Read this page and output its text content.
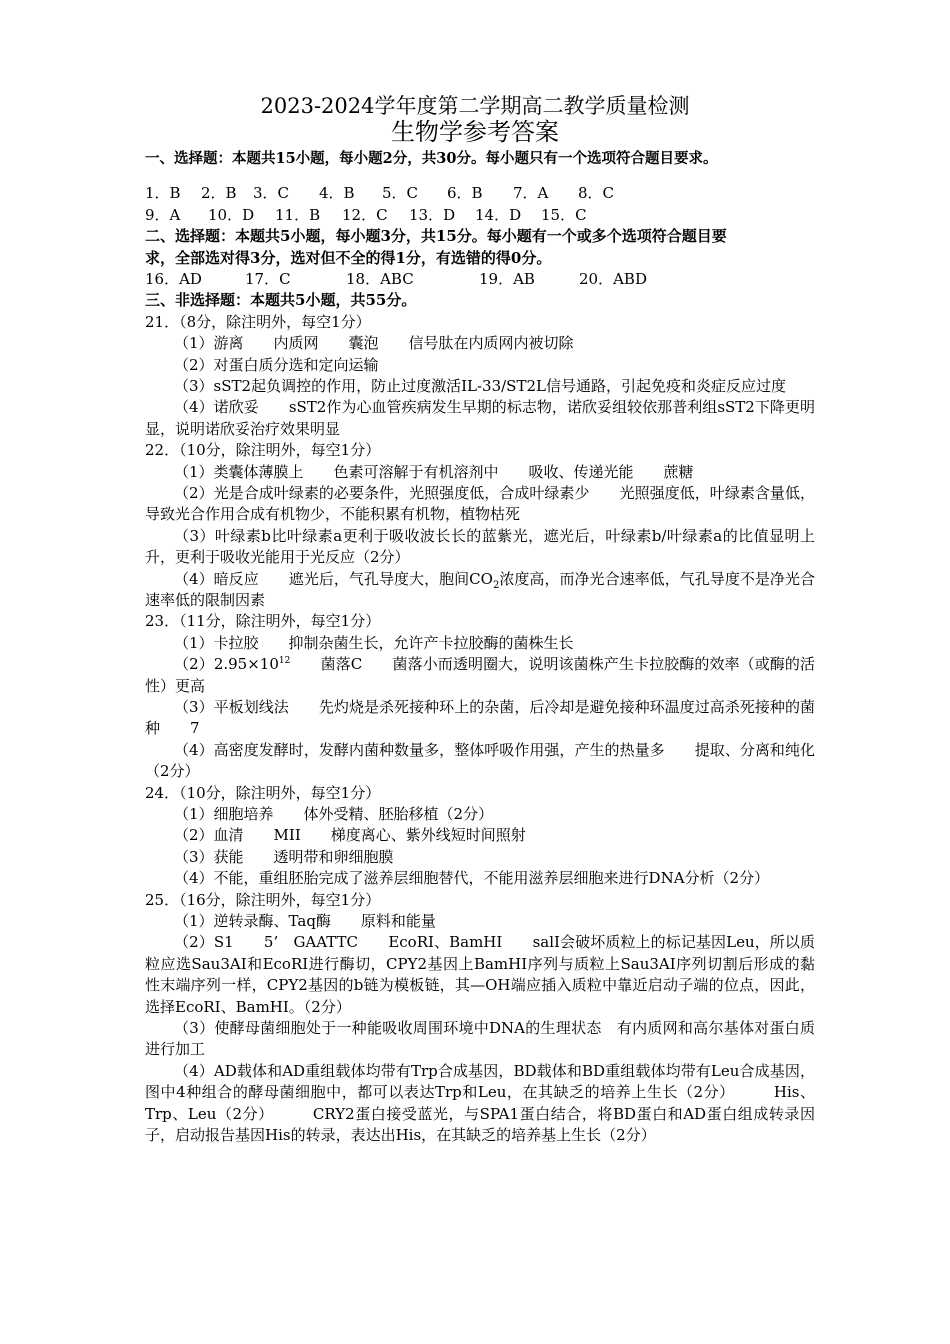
2023-2024学年度第二学期高二教学质量检测
生物学参考答案
一、选择题：本题共15小题，每小题2分，共30分。每小题只有一个选项符合题目要求。
1．B	2．B	3．C	4．B	5．C	6．B	7．A	8．C
9．A	10．D	11．B	12．C	13．D	14．D	15．C
二、选择题：本题共5小题，每小题3分，共15分。每小题有一个或多个选项符合题目要
求，全部选对得3分，选对但不全的得1分，有选错的得0分。
16．AD	17．C	18．ABC	19．AB	20．ABD
三、非选择题：本题共5小题，共55分。
21．（8分，除注明外，每空1分）
（1）游离　　内质网　　囊泡　　信号肽在内质网内被切除
（2）对蛋白质分选和定向运输
（3）sST2起负调控的作用，防止过度激活IL-33/ST2L信号通路，引起免疫和炎症反应过度
（4）诺欣妥　　sST2作为心血管疾病发生早期的标志物，诺欣妥组较依那普利组sST2下降更明显，说明诺欣妥治疗效果明显
22．（10分，除注明外，每空1分）
（1）类囊体薄膜上　　色素可溶解于有机溶剂中　　吸收、传递光能　　蔗糖
（2）光是合成叶绿素的必要条件，光照强度低，合成叶绿素少　　光照强度低，叶绿素含量低，导致光合作用合成有机物少，不能积累有机物，植物枯死
（3）叶绿素b比叶绿素a更利于吸收波长长的蓝紫光，遮光后，叶绿素b/叶绿素a的比值显明上升，更利于吸收光能用于光反应（2分）
（4）暗反应　　遮光后，气孔导度大，胞间$CO_2$浓度高，而净光合速率低，气孔导度不是净光合速率低的限制因素
23．（11分，除注明外，每空1分）
（1）卡拉胶　　抑制杂菌生长，允许产卡拉胶酶的菌株生长
$(2)2.95\times 10^{12}$　　菌落C　　菌落小而透明圈大，说明该菌株产生卡拉胶酶的效率（或酶的活性）更高
（3）平板划线法　　先灼烧是杀死接种环上的杂菌，后冷却是避免接种环温度过高杀死接种的菌种　　7
（4）高密度发酵时，发酵内菌种数量多，整体呼吸作用强，产生的热量多　　提取、分离和纯化（2分）
24．（10分，除注明外，每空1分）
（1）细胞培养　　体外受精、胚胎移植（2分）
（2）血清　　MII　　梯度离心、紫外线短时间照射
（3）获能　　透明带和卵细胞膜
（4）不能，重组胚胎完成了滋养层细胞替代，不能用滋养层细胞来进行DNA分析（2分）
25．（16分，除注明外，每空1分）
（1）逆转录酶、Taq酶　　原料和能量
（2）S1　　5’　GAATTC　　EcoRI、BamHI　　salI会破坏质粒上的标记基因Leu，所以质粒应选Sau3AI和EcoRI进行酶切，CPY2基因上BamHI序列与质粒上Sau3AI序列切割后形成的黏性末端序列一样，CPY2基因的b链为模板链，其—OH端应插入质粒中靠近启动子端的位点，因此，选择EcoRI、BamHI。（2分）
（3）使酵母菌细胞处于一种能吸收周围环境中DNA的生理状态　有内质网和高尔基体对蛋白质进行加工
（4）AD载体和AD重组载体均带有Trp合成基因，BD载体和BD重组载体均带有Leu合成基因，图中4种组合的酵母菌细胞中，都可以表达Trp和Leu，在其缺乏的培养上生长（2分）　　　His、Trp、Leu（2分）　　　CRY2蛋白接受蓝光，与SPA1蛋白结合，将BD蛋白和AD蛋白组成转录因子，启动报告基因His的转录，表达出His，在其缺乏的培养基上生长（2分）
